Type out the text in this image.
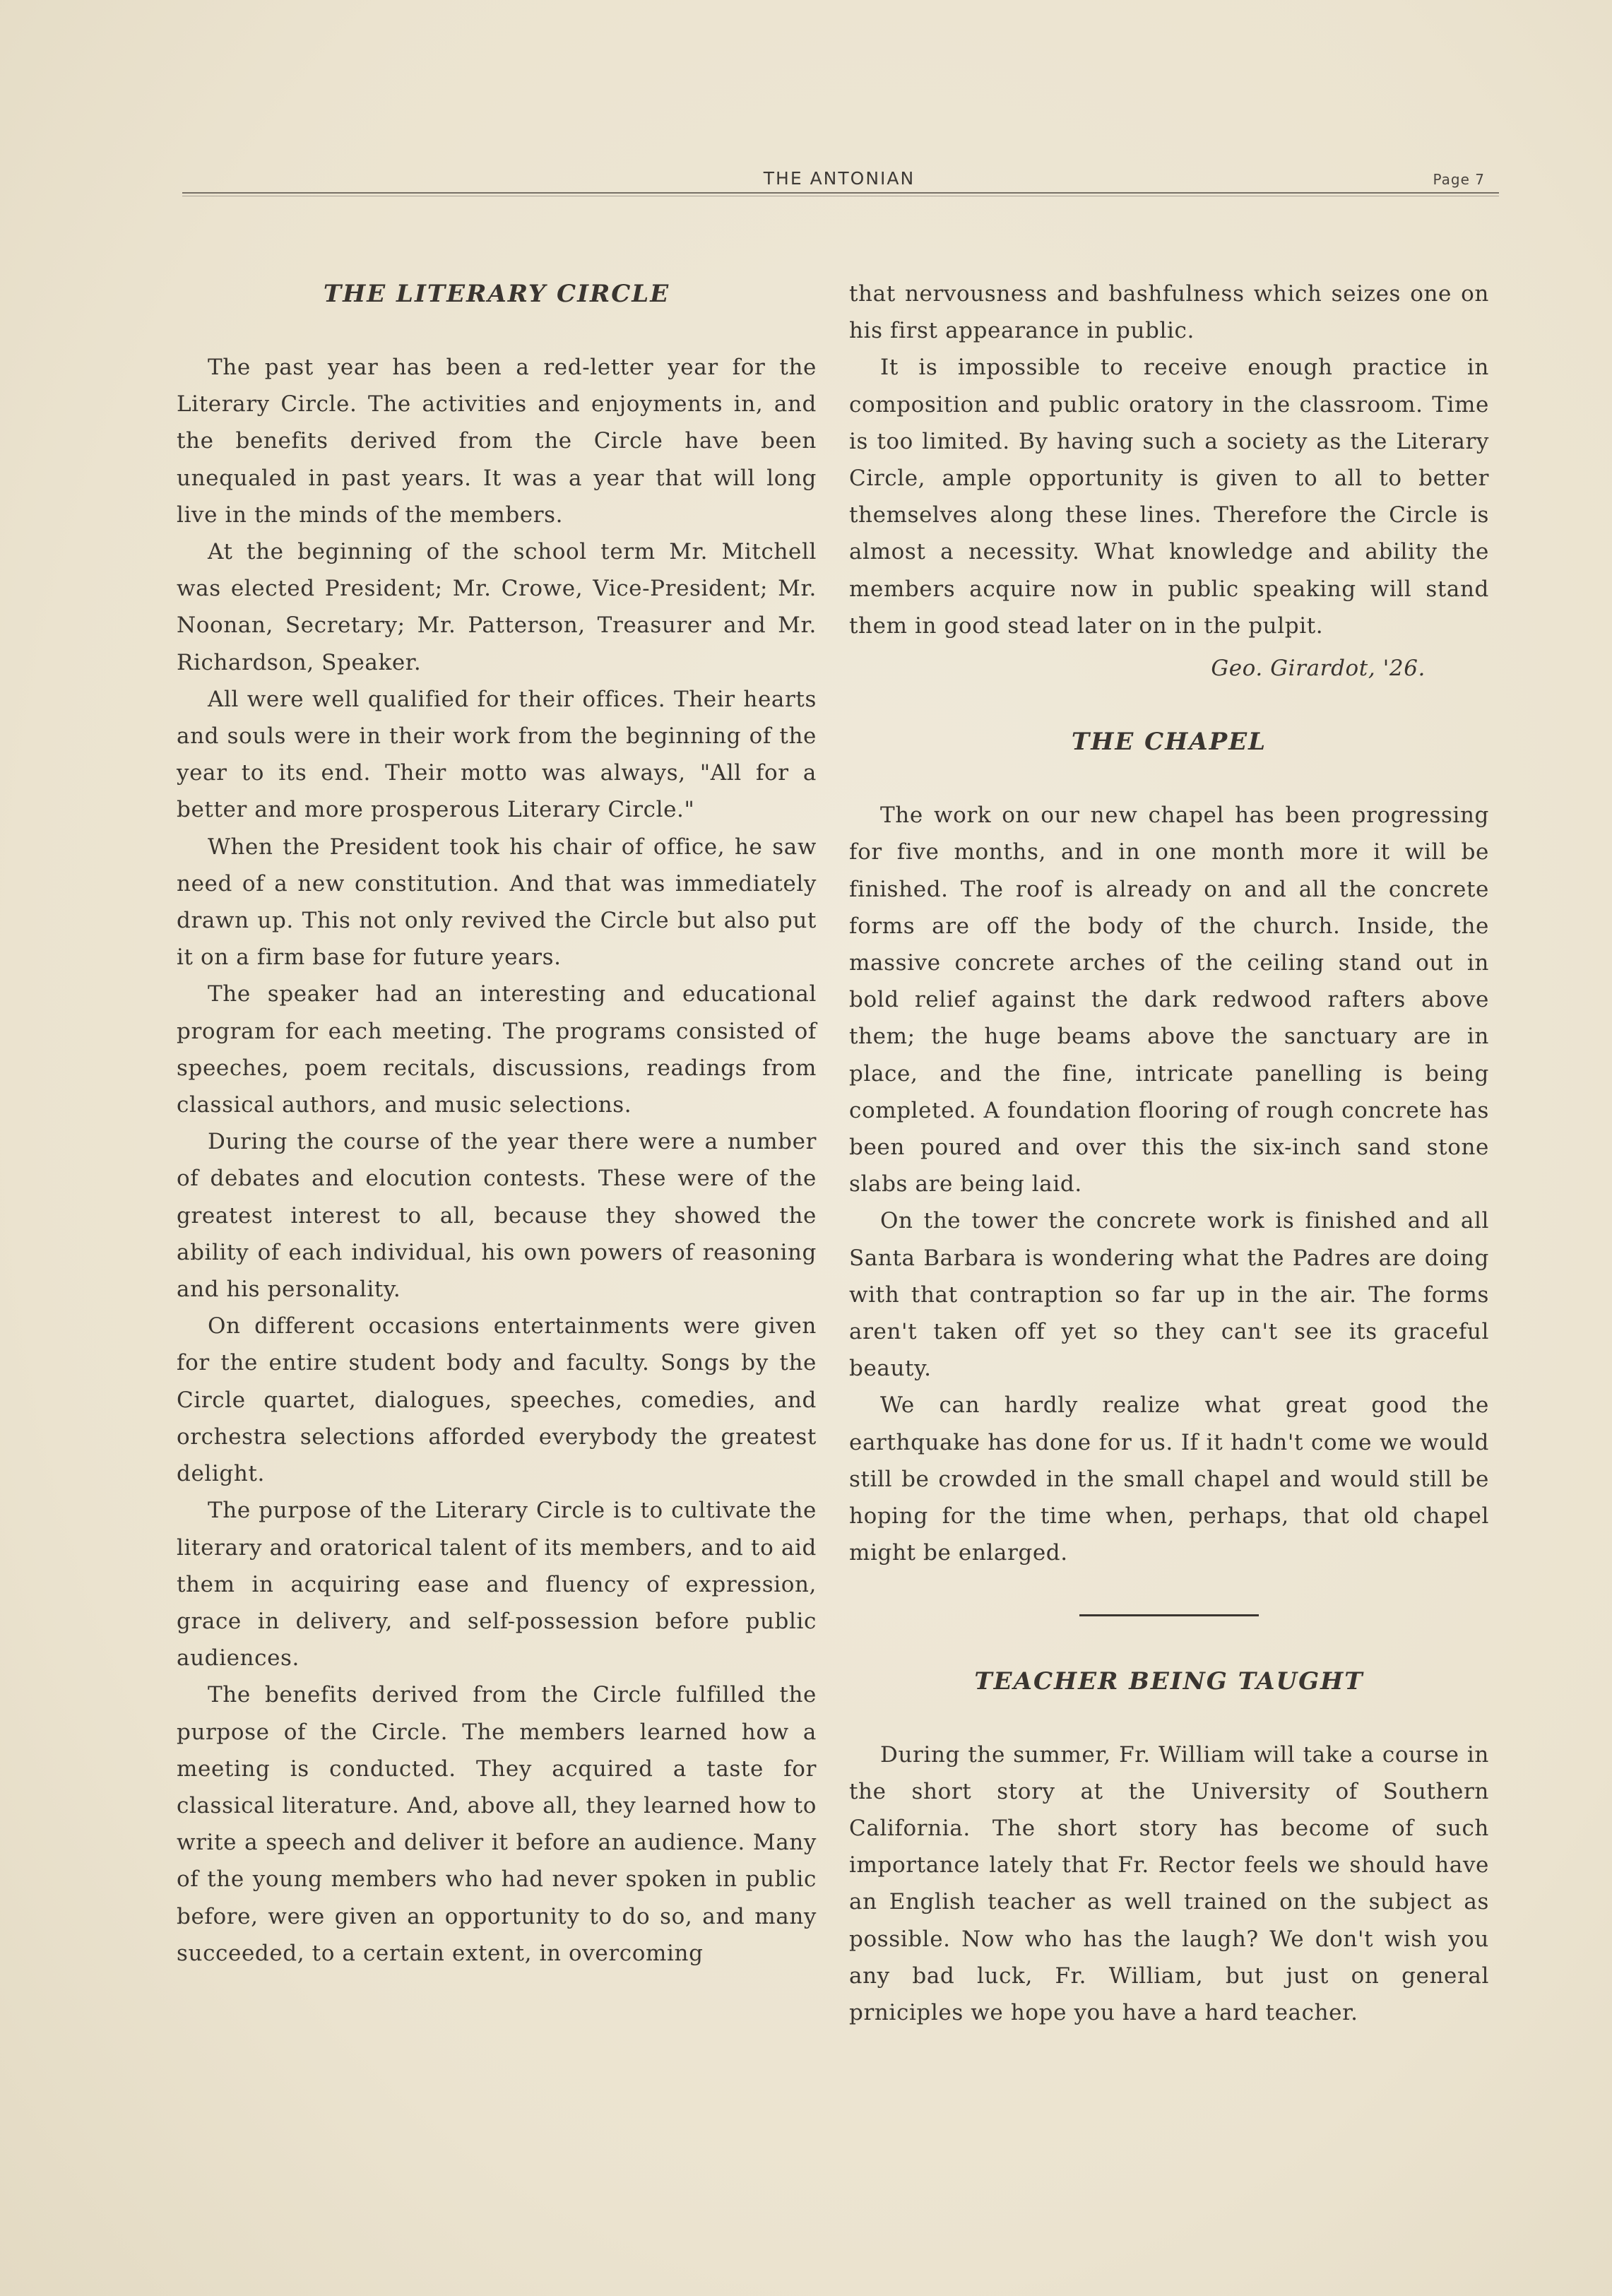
THE ANTONIAN	Page 7
THE LITERARY CIRCLE

The past year has been a red-letter year for the Literary Circle. The activities and enjoyments in, and the benefits derived from the Circle have been unequaled in past years. It was a year that will long live in the minds of the members.

At the beginning of the school term Mr. Mitchell was elected President; Mr. Crowe, Vice-President; Mr. Noonan, Secretary; Mr. Patterson, Treasurer and Mr. Richardson, Speaker.

All were well qualified for their offices. Their hearts and souls were in their work from the beginning of the year to its end. Their motto was always, "All for a better and more prosperous Literary Circle."

When the President took his chair of office, he saw need of a new constitution. And that was immediately drawn up. This not only revived the Circle but also put it on a firm base for future years.

The speaker had an interesting and educational program for each meeting. The programs consisted of speeches, poem recitals, discussions, readings from classical authors, and music selections.

During the course of the year there were a number of debates and elocution contests. These were of the greatest interest to all, because they showed the ability of each individual, his own powers of reasoning and his personality.

On different occasions entertainments were given for the entire student body and faculty. Songs by the Circle quartet, dialogues, speeches, comedies, and orchestra selections afforded everybody the greatest delight.

The purpose of the Literary Circle is to cultivate the literary and oratorical talent of its members, and to aid them in acquiring ease and fluency of expression, grace in delivery, and self-possession before public audiences.

The benefits derived from the Circle fulfilled the purpose of the Circle. The members learned how a meeting is conducted. They acquired a taste for classical literature. And, above all, they learned how to write a speech and deliver it before an audience. Many of the young members who had never spoken in public before, were given an opportunity to do so, and many succeeded, to a certain extent, in overcoming

that nervousness and bashfulness which seizes one on his first appearance in public.

It is impossible to receive enough practice in composition and public oratory in the classroom. Time is too limited. By having such a society as the Literary Circle, ample opportunity is given to all to better themselves along these lines. Therefore the Circle is almost a necessity. What knowledge and ability the members acquire now in public speaking will stand them in good stead later on in the pulpit.

Geo. Girardot, '26.
THE CHAPEL

The work on our new chapel has been progressing for five months, and in one month more it will be finished. The roof is already on and all the concrete forms are off the body of the church. Inside, the massive concrete arches of the ceiling stand out in bold relief against the dark redwood rafters above them; the huge beams above the sanctuary are in place, and the fine, intricate panelling is being completed. A foundation flooring of rough concrete has been poured and over this the six-inch sand stone slabs are being laid.

On the tower the concrete work is finished and all Santa Barbara is wondering what the Padres are doing with that contraption so far up in the air. The forms aren't taken off yet so they can't see its graceful beauty.

We can hardly realize what great good the earthquake has done for us. If it hadn't come we would still be crowded in the small chapel and would still be hoping for the time when, perhaps, that old chapel might be enlarged.

TEACHER BEING TAUGHT

During the summer, Fr. William will take a course in the short story at the University of Southern California. The short story has become of such importance lately that Fr. Rector feels we should have an English teacher as well trained on the subject as possible. Now who has the laugh? We don't wish you any bad luck, Fr. William, but just on general prniciples we hope you have a hard teacher.
